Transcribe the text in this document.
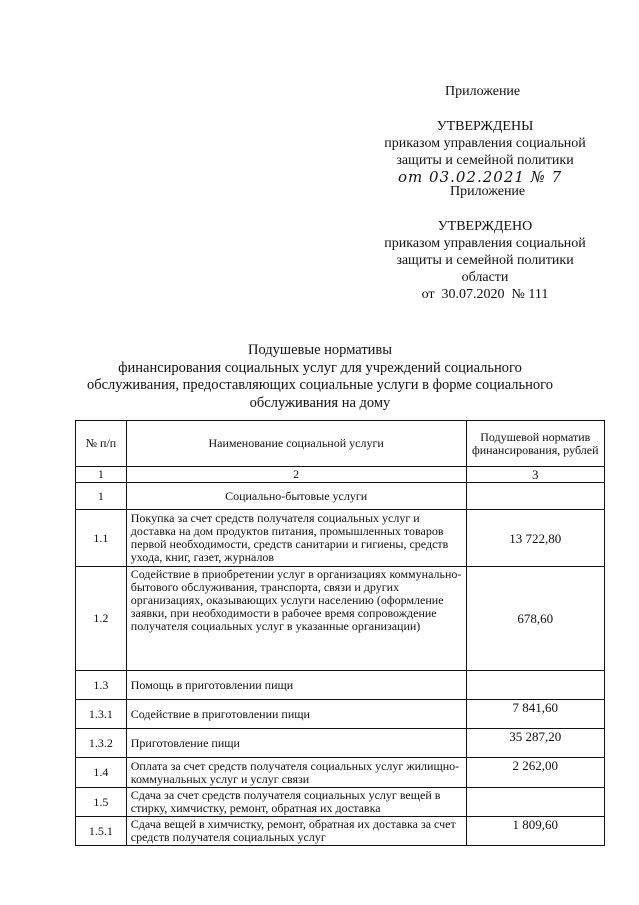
Приложение
УТВЕРЖДЕНЫ
приказом управления социальной
защиты и семейной политики
от 03.02.2021 № 7
Приложение
УТВЕРЖДЕНО
приказом управления социальной
защиты и семейной политики
области
от  30.07.2020  № 111
Подушевые нормативы
финансирования социальных услуг для учреждений социального
обслуживания, предоставляющих социальные услуги в форме социального
обслуживания на дому
№ п/п	Наименование социальной услуги	Подушевой норматив финансирования, рублей
1	2	3
1	Социально-бытовые услуги	
1.1	Покупка за счет средств получателя социальных услуг и доставка на дом продуктов питания, промышленных товаров первой необходимости, средств санитарии и гигиены, средств ухода, книг, газет, журналов	13 722,80
1.2	Содействие в приобретении услуг в организациях коммунально-бытового обслуживания, транспорта, связи и других организациях, оказывающих услуги населению (оформление заявки, при необходимости в рабочее время сопровождение получателя социальных услуг в указанные организации)	678,60
1.3	Помощь в приготовлении пищи	
1.3.1	Содействие в приготовлении пищи	7 841,60
1.3.2	Приготовление пищи	35 287,20
1.4	Оплата за счет средств получателя социальных услуг жилищно-коммунальных услуг и услуг связи	2 262,00
1.5	Сдача за счет средств получателя социальных услуг вещей в стирку, химчистку, ремонт, обратная их доставка	
1.5.1	Сдача вещей в химчистку, ремонт, обратная их доставка за счет средств получателя социальных услуг	1 809,60
